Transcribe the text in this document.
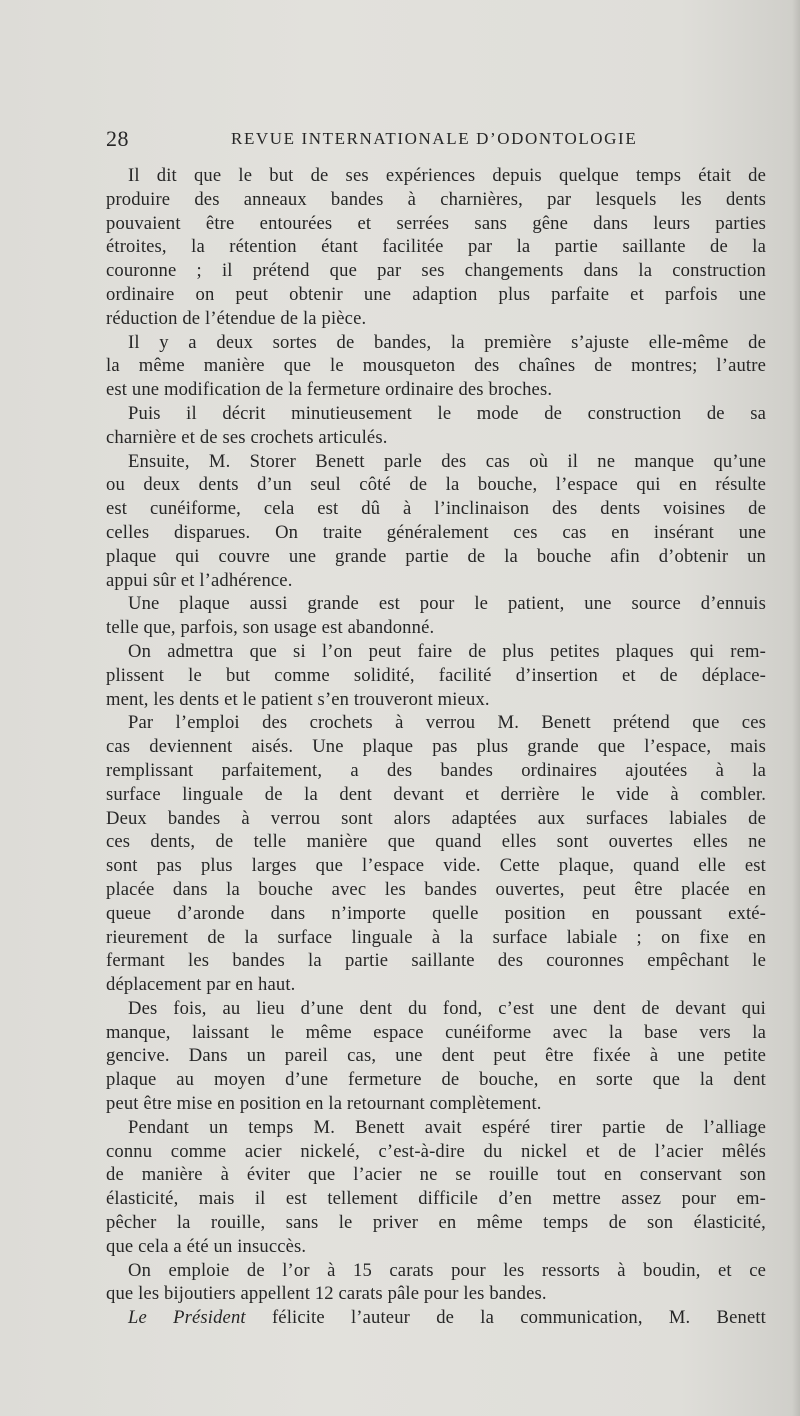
28	REVUE INTERNATIONALE D’ODONTOLOGIE
Il dit que le but de ses expériences depuis quelque temps était de
produire des anneaux bandes à charnières, par lesquels les dents
pouvaient être entourées et serrées sans gêne dans leurs parties
étroites, la rétention étant facilitée par la partie saillante de la
couronne ; il prétend que par ses changements dans la construction
ordinaire on peut obtenir une adaption plus parfaite et parfois une
réduction de l’étendue de la pièce.
Il y a deux sortes de bandes, la première s’ajuste elle-même de
la même manière que le mousqueton des chaînes de montres; l’autre
est une modification de la fermeture ordinaire des broches.
Puis il décrit minutieusement le mode de construction de sa
charnière et de ses crochets articulés.
Ensuite, M. Storer Benett parle des cas où il ne manque qu’une
ou deux dents d’un seul côté de la bouche, l’espace qui en résulte
est cunéiforme, cela est dû à l’inclinaison des dents voisines de
celles disparues. On traite généralement ces cas en insérant une
plaque qui couvre une grande partie de la bouche afin d’obtenir un
appui sûr et l’adhérence.
Une plaque aussi grande est pour le patient, une source d’ennuis
telle que, parfois, son usage est abandonné.
On admettra que si l’on peut faire de plus petites plaques qui rem-
plissent le but comme solidité, facilité d’insertion et de déplace-
ment, les dents et le patient s’en trouveront mieux.
Par l’emploi des crochets à verrou M. Benett prétend que ces
cas deviennent aisés. Une plaque pas plus grande que l’espace, mais
remplissant parfaitement, a des bandes ordinaires ajoutées à la
surface linguale de la dent devant et derrière le vide à combler.
Deux bandes à verrou sont alors adaptées aux surfaces labiales de
ces dents, de telle manière que quand elles sont ouvertes elles ne
sont pas plus larges que l’espace vide. Cette plaque, quand elle est
placée dans la bouche avec les bandes ouvertes, peut être placée en
queue d’aronde dans n’importe quelle position en poussant exté-
rieurement de la surface linguale à la surface labiale ; on fixe en
fermant les bandes la partie saillante des couronnes empêchant le
déplacement par en haut.
Des fois, au lieu d’une dent du fond, c’est une dent de devant qui
manque, laissant le même espace cunéiforme avec la base vers la
gencive. Dans un pareil cas, une dent peut être fixée à une petite
plaque au moyen d’une fermeture de bouche, en sorte que la dent
peut être mise en position en la retournant complètement.
Pendant un temps M. Benett avait espéré tirer partie de l’alliage
connu comme acier nickelé, c’est-à-dire du nickel et de l’acier mêlés
de manière à éviter que l’acier ne se rouille tout en conservant son
élasticité, mais il est tellement difficile d’en mettre assez pour em-
pêcher la rouille, sans le priver en même temps de son élasticité,
que cela a été un insuccès.
On emploie de l’or à 15 carats pour les ressorts à boudin, et ce
que les bijoutiers appellent 12 carats pâle pour les bandes.
Le Président félicite l’auteur de la communication, M. Benett
